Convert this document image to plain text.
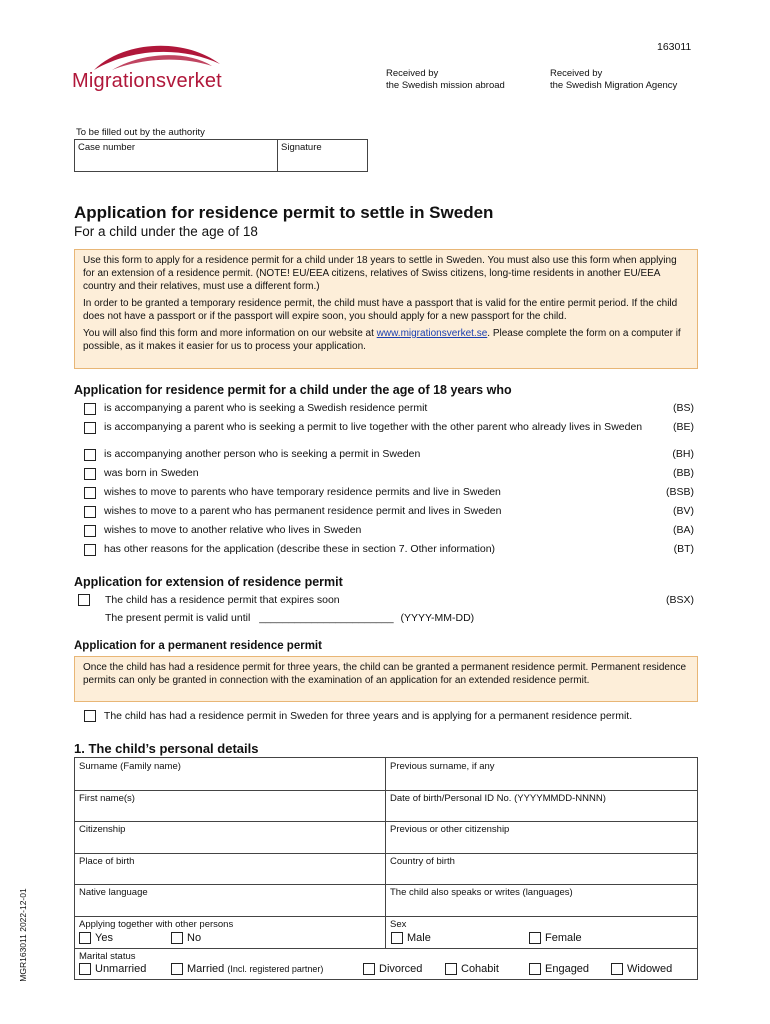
163011
Migrationsverket	Received by
the Swedish mission abroad
Received by
the Swedish Migration Agency
To be filled out by the authority
Case number	Signature
Application for residence permit to settle in Sweden
For a child under the age of 18

Use this form to apply for a residence permit for a child under 18 years to settle in Sweden. You must also use this form when applying for an extension of a residence permit. (NOTE! EU/EEA citizens, relatives of Swiss citizens, long-time residents in another EU/EEA country and their relatives, must use a different form.)

In order to be granted a temporary residence permit, the child must have a passport that is valid for the entire permit period. If the child does not have a passport or if the passport will expire soon, you should apply for a new passport for the child.

You will also find this form and more information on our website at www.migrationsverket.se. Please complete the form on a computer if possible, as it makes it easier for us to process your application.

Application for residence permit for a child under the age of 18 years who
is accompanying a parent who is seeking a Swedish residence permit	(BS)
is accompanying a parent who is seeking a permit to live together with the other parent who already lives in Sweden	(BE)
is accompanying another person who is seeking a permit in Sweden	(BH)
was born in Sweden	(BB)
wishes to move to parents who have temporary residence permits and live in Sweden	(BSB)
wishes to move to a parent who has permanent residence permit and lives in Sweden	(BV)
wishes to move to another relative who lives in Sweden	(BA)
has other reasons for the application (describe these in section 7. Other information)	(BT)
Application for extension of residence permit
The child has a residence permit that expires soon	(BSX)
The present permit is valid until _______________________ (YYYY-MM-DD)
Application for a permanent residence permit

Once the child has had a residence permit for three years, the child can be granted a permanent residence permit. Permanent residence permits can only be granted in connection with the examination of an application for an extended residence permit.

The child has had a residence permit in Sweden for three years and is applying for a permanent residence permit.
1. The child’s personal details
Surname (Family name)	Previous surname, if any
First name(s)	Date of birth/Personal ID No. (YYYYMMDD-NNNN)
Citizenship	Previous or other citizenship
Place of birth	Country of birth
Native language	The child also speaks or writes (languages)
Applying together with other persons
Yes	No
Sex
Male	Female
Marital status
Unmarried	Married (Incl. registered partner)	Divorced	Cohabit	Engaged	Widowed
MGR163011 2022-12-01
